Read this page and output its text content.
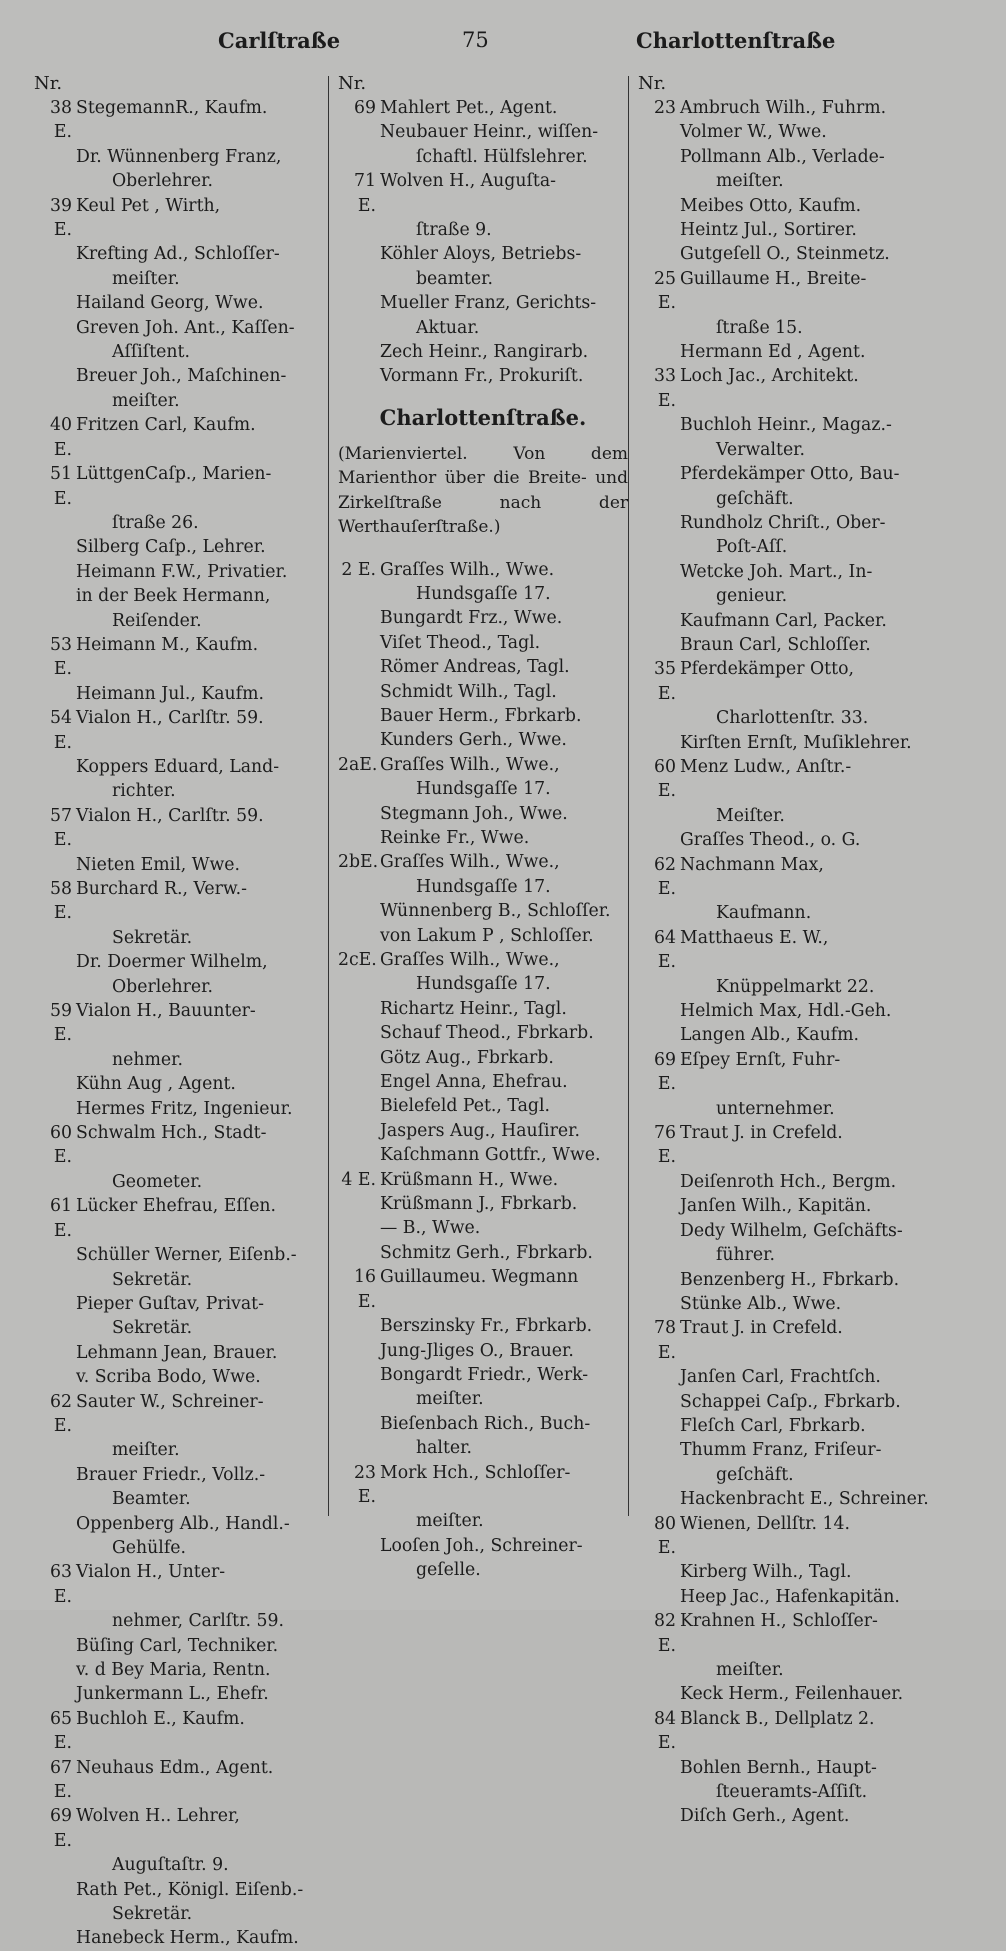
Carlſtraße	75	Charlottenſtraße
Nr.
38 E.
StegemannR., Kaufm.
Dr. Wünnenberg Franz,
Oberlehrer.
39 E.
Keul Pet , Wirth,
Krefting Ad., Schloſſer-
meiſter.
Hailand Georg, Wwe.
Greven Joh. Ant., Kaſſen-
Aſſiſtent.
Breuer Joh., Maſchinen-
meiſter.
40 E.
Fritzen Carl, Kaufm.
51 E.
LüttgenCaſp., Marien-
ſtraße 26.
Silberg Caſp., Lehrer.
Heimann F.W., Privatier.
in der Beek Hermann,
Reiſender.
53 E.
Heimann M., Kaufm.
Heimann Jul., Kaufm.
54 E.
Vialon H., Carlſtr. 59.
Koppers Eduard, Land-
richter.
57 E.
Vialon H., Carlſtr. 59.
Nieten Emil, Wwe.
58 E.
Burchard R., Verw.-
Sekretär.
Dr. Doermer Wilhelm,
Oberlehrer.
59 E.
Vialon H., Bauunter-
nehmer.
Kühn Aug , Agent.
Hermes Fritz, Ingenieur.
60 E.
Schwalm Hch., Stadt-
Geometer.
61 E.
Lücker Ehefrau, Eſſen.
Schüller Werner, Eiſenb.-
Sekretär.
Pieper Guſtav, Privat-
Sekretär.
Lehmann Jean, Brauer.
v. Scriba Bodo, Wwe.
62 E.
Sauter W., Schreiner-
meiſter.
Brauer Friedr., Vollz.-
Beamter.
Oppenberg Alb., Handl.-
Gehülfe.
63 E.
Vialon H., Unter-
nehmer, Carlſtr. 59.
Büſing Carl, Techniker.
v. d Bey Maria, Rentn.
Junkermann L., Ehefr.
65 E.
Buchloh E., Kaufm.
67 E.
Neuhaus Edm., Agent.
69 E.
Wolven H.. Lehrer,
Auguſtaſtr. 9.
Rath Pet., Königl. Eiſenb.-
Sekretär.
Hanebeck Herm., Kaufm.
Nr.
69 Mahlert Pet., Agent.
Neubauer Heinr., wiſſen-
ſchaftl. Hülfslehrer.
71 E.
Wolven H., Auguſta-
ſtraße 9.
Köhler Aloys, Betriebs-
beamter.
Mueller Franz, Gerichts-
Aktuar.
Zech Heinr., Rangirarb.
Vormann Fr., Prokuriſt.
Charlottenſtraße.
(Marienviertel. Von dem Marienthor über die Breite- und Zirkelſtraße nach der Werthauſerſtraße.)
2 E. Graſſes Wilh., Wwe.
Hundsgaſſe 17.
Bungardt Frz., Wwe.
Viſet Theod., Tagl.
Römer Andreas, Tagl.
Schmidt Wilh., Tagl.
Bauer Herm., Fbrkarb.
Kunders Gerh., Wwe.
2aE. Graſſes Wilh., Wwe.,
Hundsgaſſe 17.
Stegmann Joh., Wwe.
Reinke Fr., Wwe.
2bE. Graſſes Wilh., Wwe.,
Hundsgaſſe 17.
Wünnenberg B., Schloſſer.
von Lakum P , Schloſſer.
2cE. Graſſes Wilh., Wwe.,
Hundsgaſſe 17.
Richartz Heinr., Tagl.
Schauf Theod., Fbrkarb.
Götz Aug., Fbrkarb.
Engel Anna, Ehefrau.
Bielefeld Pet., Tagl.
Jaspers Aug., Hauſirer.
Kaſchmann Gottfr., Wwe.
4 E. Krüßmann H., Wwe.
Krüßmann J., Fbrkarb.
— B., Wwe.
Schmitz Gerh., Fbrkarb.
16 E.
Guillaumeu. Wegmann
Berszinsky Fr., Fbrkarb.
Jung-Jliges O., Brauer.
Bongardt Friedr., Werk-
meiſter.
Bieſenbach Rich., Buch-
halter.
23 E.
Mork Hch., Schloſſer-
meiſter.
Looſen Joh., Schreiner-
geſelle.
Nr.
23 Ambruch Wilh., Fuhrm.
Volmer W., Wwe.
Pollmann Alb., Verlade-
meiſter.
Meibes Otto, Kaufm.
Heintz Jul., Sortirer.
Gutgeſell O., Steinmetz.
25 E.
Guillaume H., Breite-
ſtraße 15.
Hermann Ed , Agent.
33 E.
Loch Jac., Architekt.
Buchloh Heinr., Magaz.-
Verwalter.
Pferdekämper Otto, Bau-
geſchäft.
Rundholz Chriſt., Ober-
Poſt-Aſſ.
Wetcke Joh. Mart., In-
genieur.
Kaufmann Carl, Packer.
Braun Carl, Schloſſer.
35 E.
Pferdekämper Otto,
Charlottenſtr. 33.
Kirſten Ernſt, Muſiklehrer.
60 E.
Menz Ludw., Anſtr.-
Meiſter.
Graſſes Theod., o. G.
62 E.
Nachmann Max,
Kaufmann.
64 E.
Matthaeus E. W.,
Knüppelmarkt 22.
Helmich Max, Hdl.-Geh.
Langen Alb., Kaufm.
69 E.
Eſpey Ernſt, Fuhr-
unternehmer.
76 E.
Traut J. in Crefeld.
Deiſenroth Hch., Bergm.
Janſen Wilh., Kapitän.
Dedy Wilhelm, Geſchäfts-
führer.
Benzenberg H., Fbrkarb.
Stünke Alb., Wwe.
78 E.
Traut J. in Crefeld.
Janſen Carl, Frachtſch.
Schappei Caſp., Fbrkarb.
Fleſch Carl, Fbrkarb.
Thumm Franz, Friſeur-
geſchäft.
Hackenbracht E., Schreiner.
80 E.
Wienen, Dellſtr. 14.
Kirberg Wilh., Tagl.
Heep Jac., Hafenkapitän.
82 E.
Krahnen H., Schloſſer-
meiſter.
Keck Herm., Feilenhauer.
84 E.
Blanck B., Dellplatz 2.
Bohlen Bernh., Haupt-
ſteueramts-Aſſiſt.
Diſch Gerh., Agent.
